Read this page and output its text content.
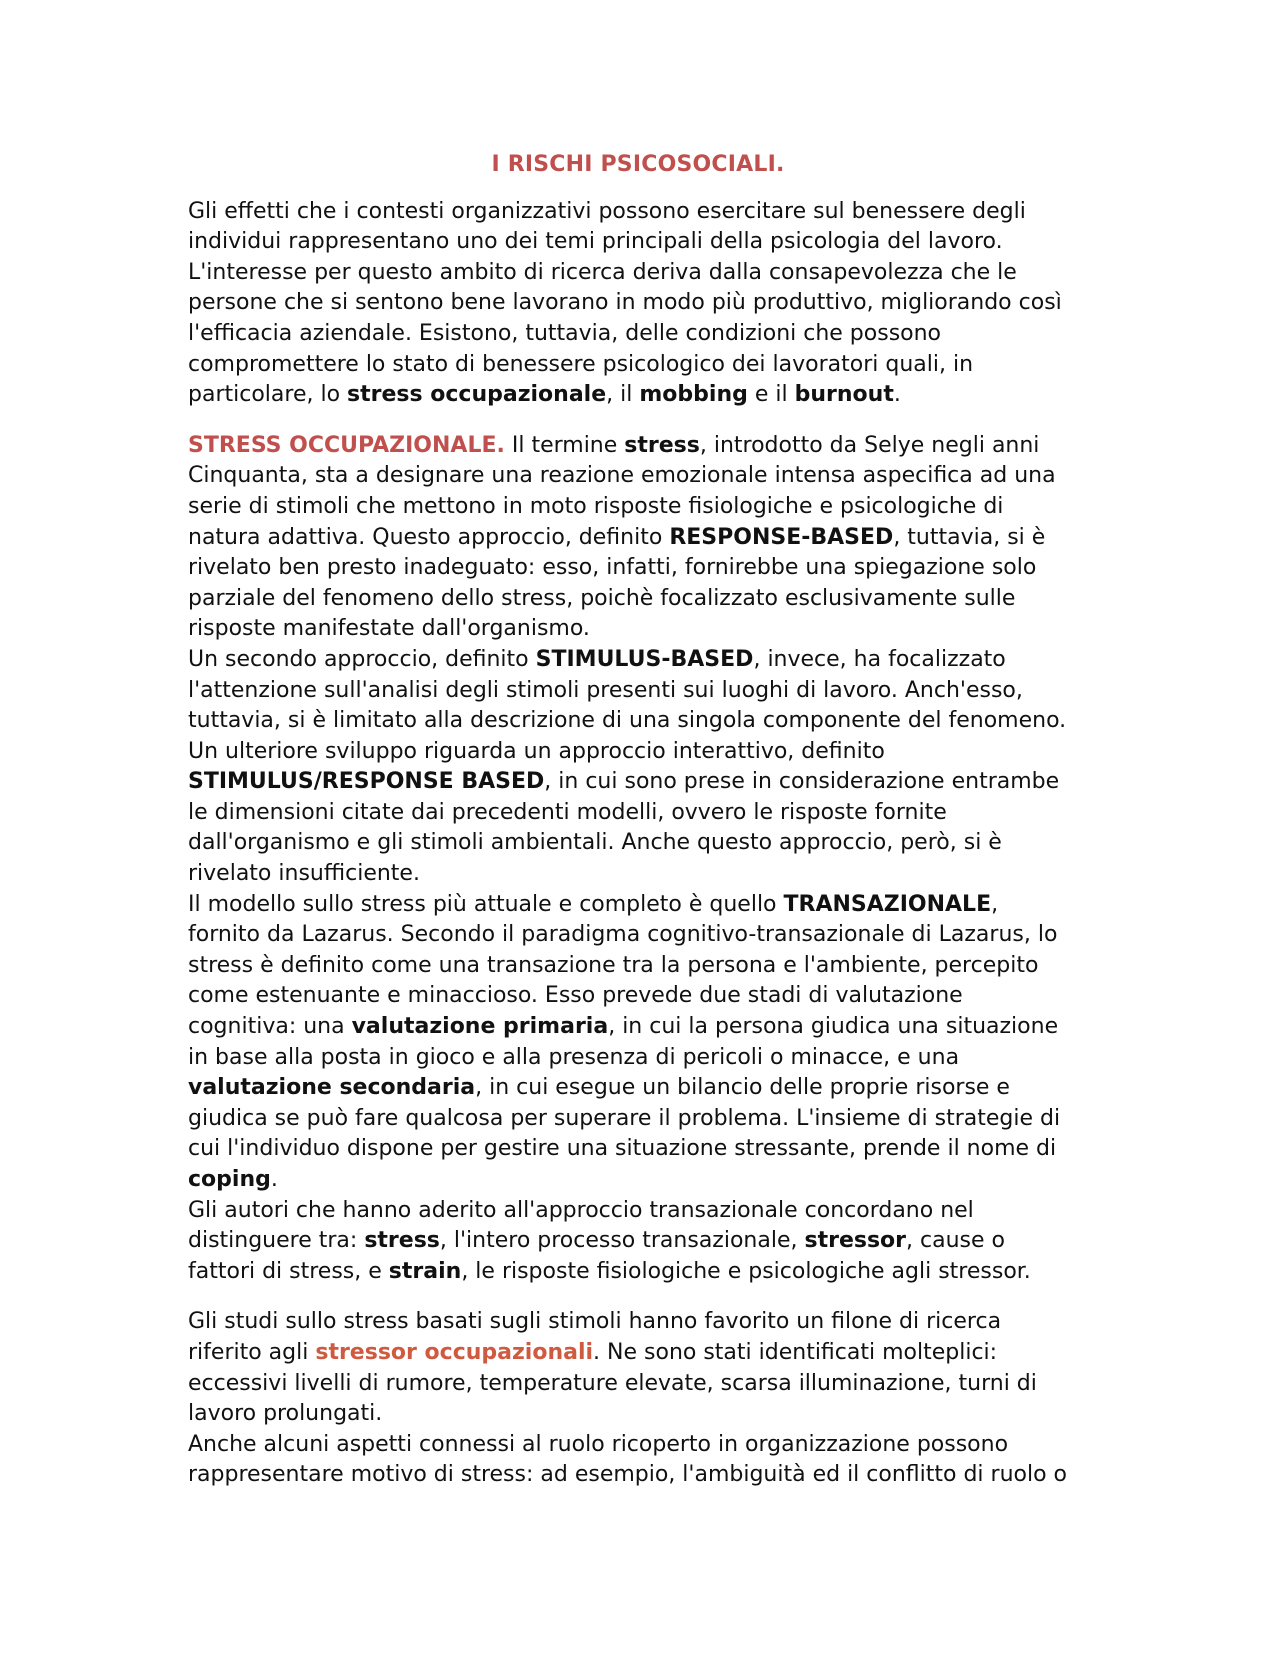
I RISCHI PSICOSOCIALI.
Gli effetti che i contesti organizzativi possono esercitare sul benessere degli
individui rappresentano uno dei temi principali della psicologia del lavoro.
L'interesse per questo ambito di ricerca deriva dalla consapevolezza che le
persone che si sentono bene lavorano in modo più produttivo, migliorando così
l'efficacia aziendale. Esistono, tuttavia, delle condizioni che possono
compromettere lo stato di benessere psicologico dei lavoratori quali, in
particolare, lo stress occupazionale, il mobbing e il burnout.
STRESS OCCUPAZIONALE. Il termine stress, introdotto da Selye negli anni
Cinquanta, sta a designare una reazione emozionale intensa aspecifica ad una
serie di stimoli che mettono in moto risposte fisiologiche e psicologiche di
natura adattiva. Questo approccio, definito RESPONSE-BASED, tuttavia, si è
rivelato ben presto inadeguato: esso, infatti, fornirebbe una spiegazione solo
parziale del fenomeno dello stress, poichè focalizzato esclusivamente sulle
risposte manifestate dall'organismo.
Un secondo approccio, definito STIMULUS-BASED, invece, ha focalizzato
l'attenzione sull'analisi degli stimoli presenti sui luoghi di lavoro. Anch'esso,
tuttavia, si è limitato alla descrizione di una singola componente del fenomeno.
Un ulteriore sviluppo riguarda un approccio interattivo, definito
STIMULUS/RESPONSE BASED, in cui sono prese in considerazione entrambe
le dimensioni citate dai precedenti modelli, ovvero le risposte fornite
dall'organismo e gli stimoli ambientali. Anche questo approccio, però, si è
rivelato insufficiente.
Il modello sullo stress più attuale e completo è quello TRANSAZIONALE,
fornito da Lazarus. Secondo il paradigma cognitivo-transazionale di Lazarus, lo
stress è definito come una transazione tra la persona e l'ambiente, percepito
come estenuante e minaccioso. Esso prevede due stadi di valutazione
cognitiva: una valutazione primaria, in cui la persona giudica una situazione
in base alla posta in gioco e alla presenza di pericoli o minacce, e una
valutazione secondaria, in cui esegue un bilancio delle proprie risorse e
giudica se può fare qualcosa per superare il problema. L'insieme di strategie di
cui l'individuo dispone per gestire una situazione stressante, prende il nome di
coping.
Gli autori che hanno aderito all'approccio transazionale concordano nel
distinguere tra: stress, l'intero processo transazionale, stressor, cause o
fattori di stress, e strain, le risposte fisiologiche e psicologiche agli stressor.
Gli studi sullo stress basati sugli stimoli hanno favorito un filone di ricerca
riferito agli stressor occupazionali. Ne sono stati identificati molteplici:
eccessivi livelli di rumore, temperature elevate, scarsa illuminazione, turni di
lavoro prolungati.
Anche alcuni aspetti connessi al ruolo ricoperto in organizzazione possono
rappresentare motivo di stress: ad esempio, l'ambiguità ed il conflitto di ruolo o
